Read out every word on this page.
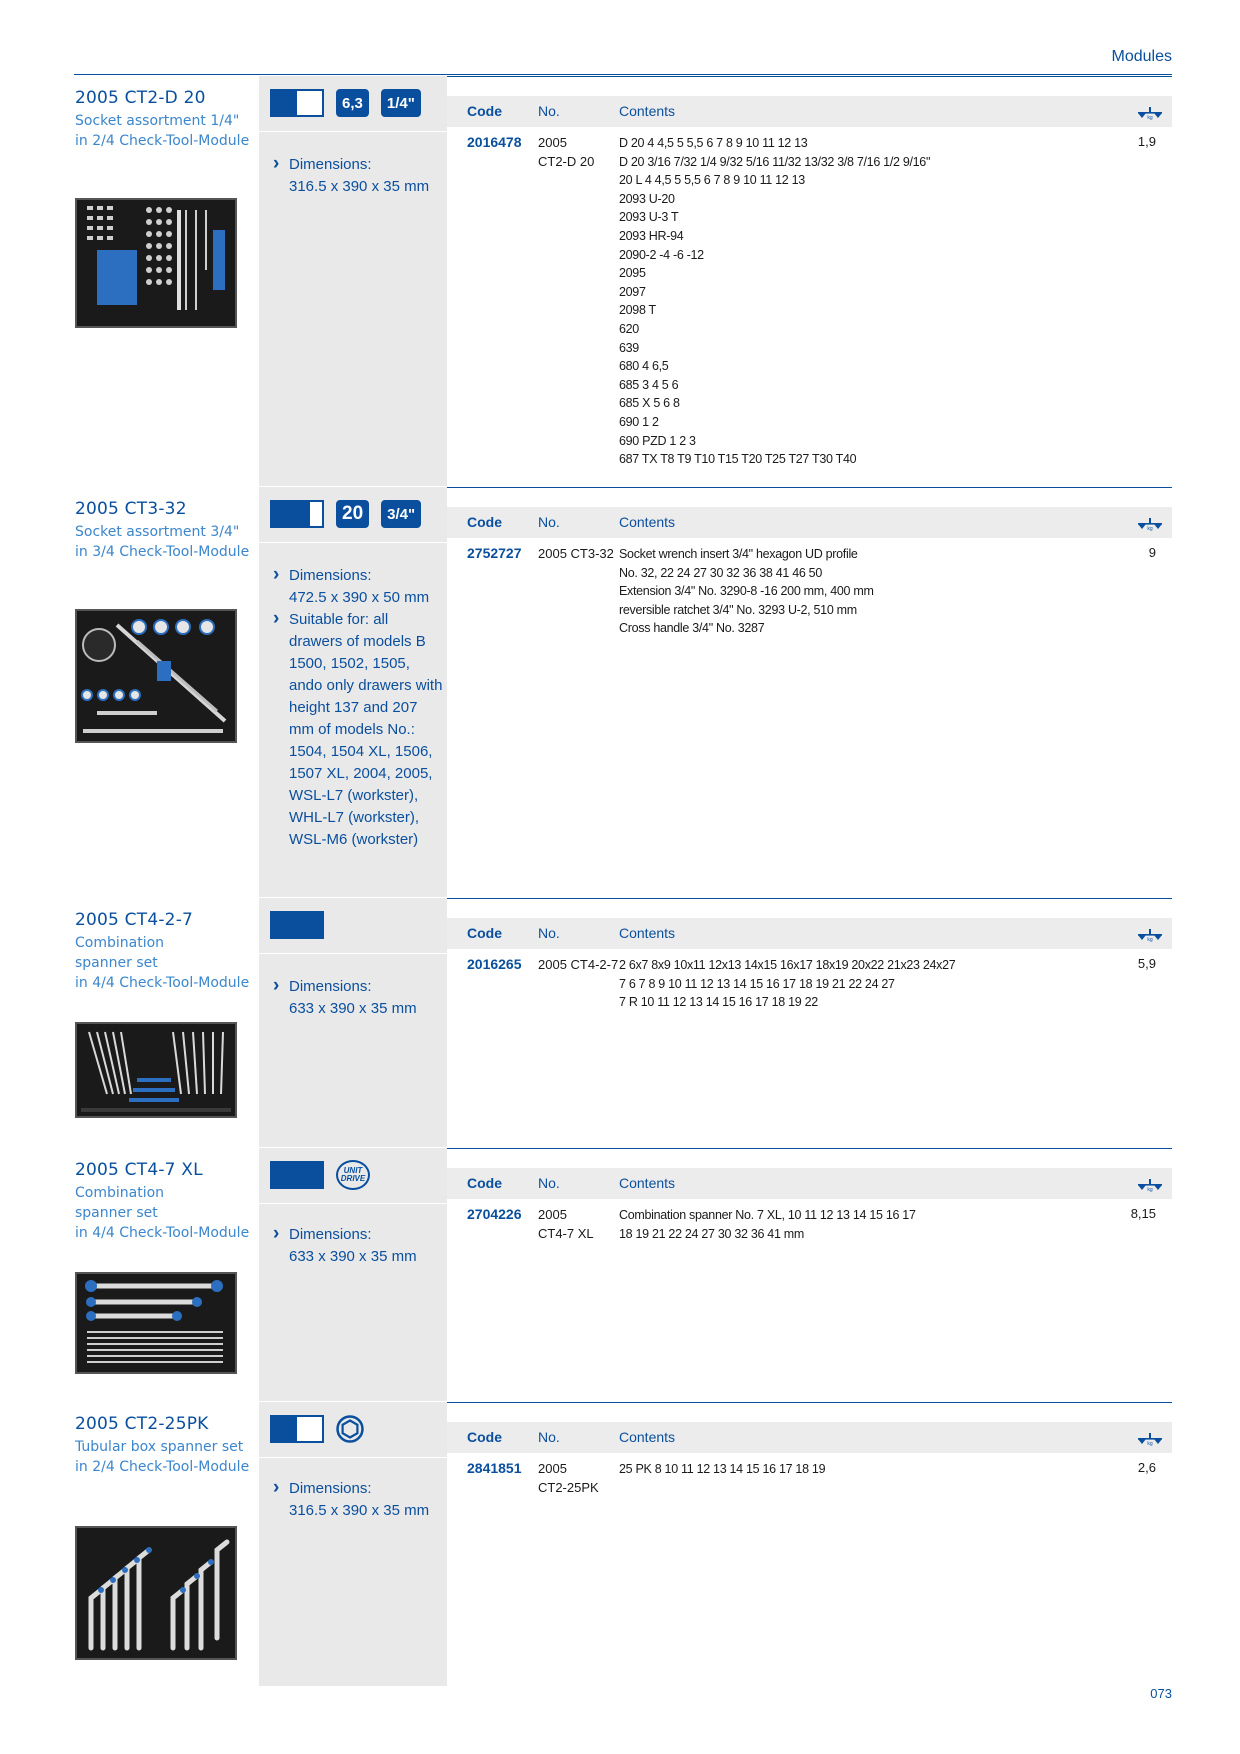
Modules
2005 CT2-D 20
Socket assortment 1/4"
in 2/4 Check-Tool-Module
6,3	1/4"
› Dimensions:
316.5 x 390 x 35 mm
Code	No.	Contents	kg
2016478 2005
CT2-D 20
D 20 4 4,5 5 5,5 6 7 8 9 10 11 12 13
D 20 3/16 7/32 1/4 9/32 5/16 11/32 13/32 3/8 7/16 1/2 9/16"
20 L 4 4,5 5 5,5 6 7 8 9 10 11 12 13
2093 U-20
2093 U-3 T
2093 HR-94
2090-2 -4 -6 -12
2095
2097
2098 T
620
639
680 4 6,5
685 3 4 5 6
685 X 5 6 8
690 1 2
690 PZD 1 2 3
687 TX T8 T9 T10 T15 T20 T25 T27 T30 T40
1,9
2005 CT3-32
Socket assortment 3/4"
in 3/4 Check-Tool-Module
20	3/4"
› Dimensions:
472.5 x 390 x 50 mm
› Suitable for: all drawers of models B 1500, 1502, 1505, ando only drawers with height 137 and 207 mm of models No.: 1504, 1504 XL, 1506, 1507 XL, 2004, 2005, WSL-L7 (workster), WHL-L7 (workster), WSL-M6 (workster)
Code	No.	Contents	kg
2752727 2005 CT3-32 Socket wrench insert 3/4" hexagon UD profile
No. 32, 22 24 27 30 32 36 38 41 46 50
Extension 3/4" No. 3290-8 -16 200 mm, 400 mm
reversible ratchet 3/4" No. 3293 U-2, 510 mm
Cross handle 3/4" No. 3287
9
2005 CT4-2-7
Combination
spanner set
in 4/4 Check-Tool-Module
›	Dimensions:
633 x 390 x 35 mm
Code	No.	Contents	kg
2016265 2005 CT4-2-7 2 6x7 8x9 10x11 12x13 14x15 16x17 18x19 20x22 21x23 24x27
7 6 7 8 9 10 11 12 13 14 15 16 17 18 19 21 22 24 27
7 R 10 11 12 13 14 15 16 17 18 19 22
5,9
2005 CT4-7 XL
Combination
spanner set
in 4/4 Check-Tool-Module
UNIT
DRIVE
› Dimensions:
633 x 390 x 35 mm
Code	No.	Contents	kg
2704226 2005
CT4-7 XL
Combination spanner No. 7 XL, 10 11 12 13 14 15 16 17
18 19 21 22 24 27 30 32 36 41 mm
8,15
2005 CT2-25PK
Tubular box spanner set
in 2/4 Check-Tool-Module
› Dimensions:
316.5 x 390 x 35 mm
Code	No.	Contents	kg
2841851 2005
CT2-25PK
25 PK 8 10 11 12 13 14 15 16 17 18 19	2,6
073
